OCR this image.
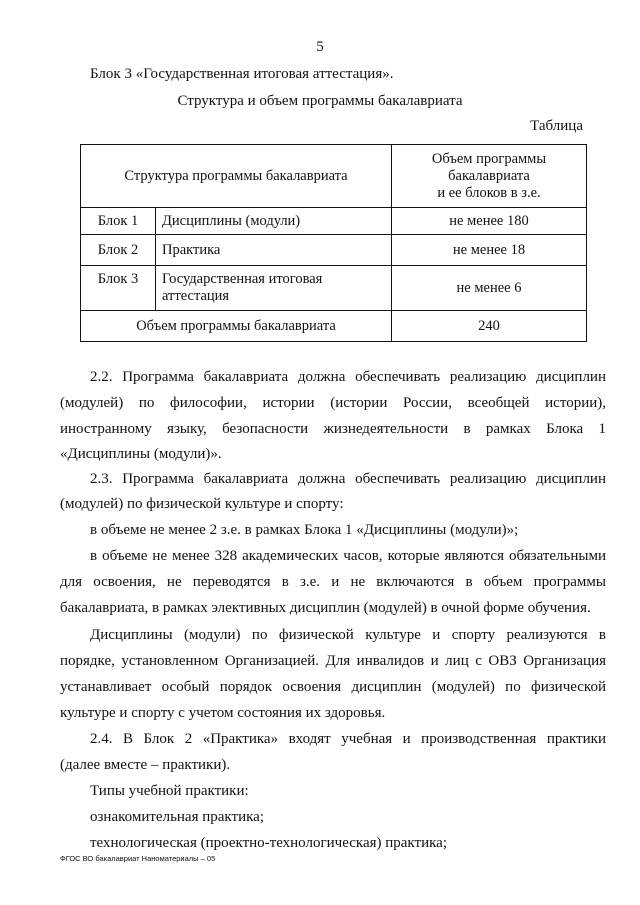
5
Блок 3 «Государственная итоговая аттестация».
Структура и объем программы бакалавриата
Таблица
Структура программы бакалавриата		Объем программы
бакалавриата
и ее блоков в з.е.

Блок 1	Дисциплины (модули)	не менее 180
Блок 2	Практика	не менее 18
Блок 3	Государственная итоговая аттестация	не менее 6
Объем программы бакалавриата		240
2.2. Программа бакалавриата должна обеспечивать реализацию дисциплин
(модулей) по философии, истории (истории России, всеобщей истории),
иностранному языку, безопасности жизнедеятельности в рамках Блока 1
«Дисциплины (модули)».
2.3. Программа бакалавриата должна обеспечивать реализацию дисциплин
(модулей) по физической культуре и спорту:
в объеме не менее 2 з.е. в рамках Блока 1 «Дисциплины (модули)»;
в объеме не менее 328 академических часов, которые являются обязательными
для освоения, не переводятся в з.е. и не включаются в объем программы
бакалавриата, в рамках элективных дисциплин (модулей) в очной форме обучения.
Дисциплины (модули) по физической культуре и спорту реализуются в
порядке, установленном Организацией. Для инвалидов и лиц с ОВЗ Организация
устанавливает особый порядок освоения дисциплин (модулей) по физической
культуре и спорту с учетом состояния их здоровья.
2.4. В Блок 2 «Практика» входят учебная и производственная практики
(далее вместе – практики).
Типы учебной практики:
ознакомительная практика;
технологическая (проектно-технологическая) практика;
ФГОС ВО бакалавриат Наноматериалы – 05
